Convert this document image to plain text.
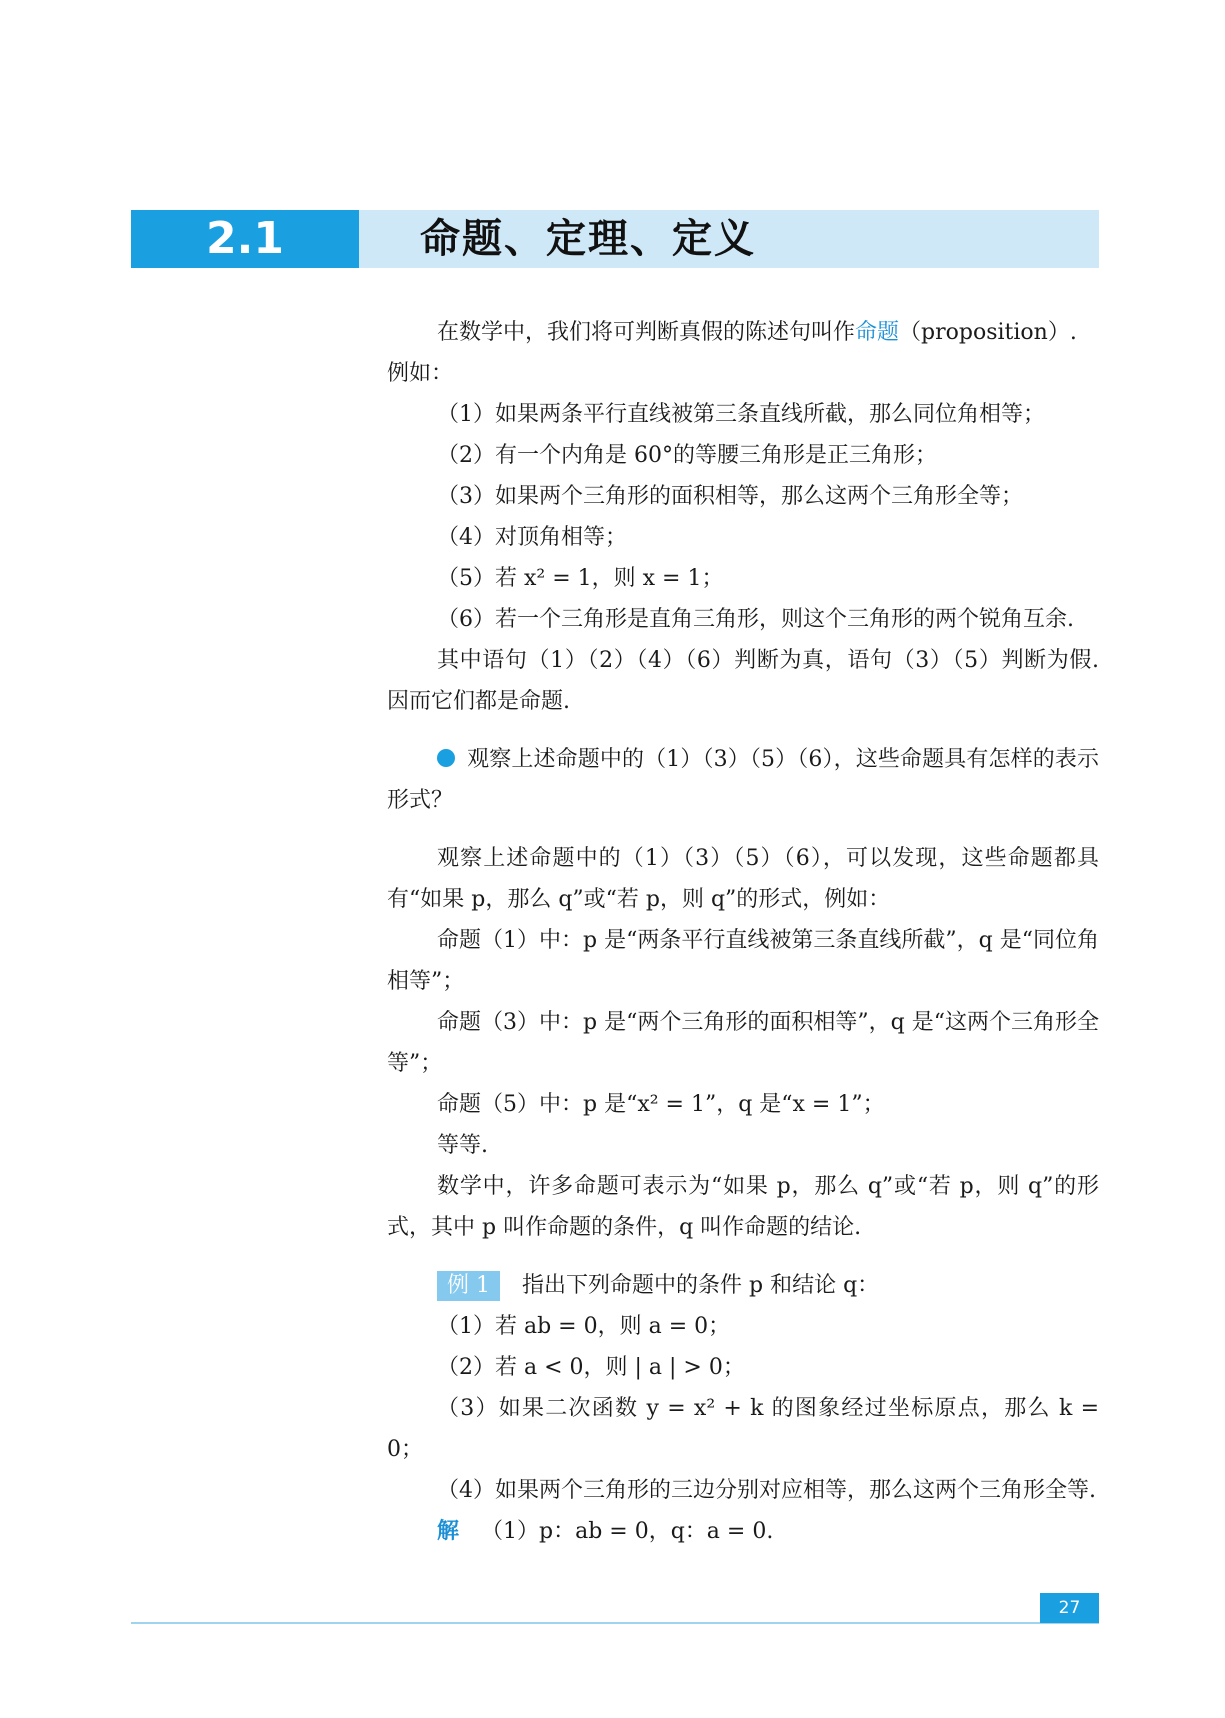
2.1	命题、定理、定义

在数学中，我们将可判断真假的陈述句叫作命题（proposition）.

例如：

（1）如果两条平行直线被第三条直线所截，那么同位角相等；

（2）有一个内角是 60°的等腰三角形是正三角形；

（3）如果两个三角形的面积相等，那么这两个三角形全等；

（4）对顶角相等；

（5）若 x² = 1，则 x = 1；

（6）若一个三角形是直角三角形，则这个三角形的两个锐角互余.

其中语句（1）（2）（4）（6）判断为真，语句（3）（5）判断为假.因而它们都是命题.

观察上述命题中的（1）（3）（5）（6），这些命题具有怎样的表示形式？

观察上述命题中的（1）（3）（5）（6），可以发现，这些命题都具有“如果 p，那么 q”或“若 p，则 q”的形式，例如：

命题（1）中：p 是“两条平行直线被第三条直线所截”，q 是“同位角相等”；

命题（3）中：p 是“两个三角形的面积相等”，q 是“这两个三角形全等”；

命题（5）中：p 是“x² = 1”，q 是“x = 1”；

等等.

数学中，许多命题可表示为“如果 p，那么 q”或“若 p，则 q”的形式，其中 p 叫作命题的条件，q 叫作命题的结论.

例 1 指出下列命题中的条件 p 和结论 q：

（1）若 ab = 0，则 a = 0；

（2）若 a < 0，则 | a | > 0；

（3）如果二次函数 y = x² + k 的图象经过坐标原点，那么 k = 0；

（4）如果两个三角形的三边分别对应相等，那么这两个三角形全等.

解 （1）p：ab = 0，q：a = 0.

27
